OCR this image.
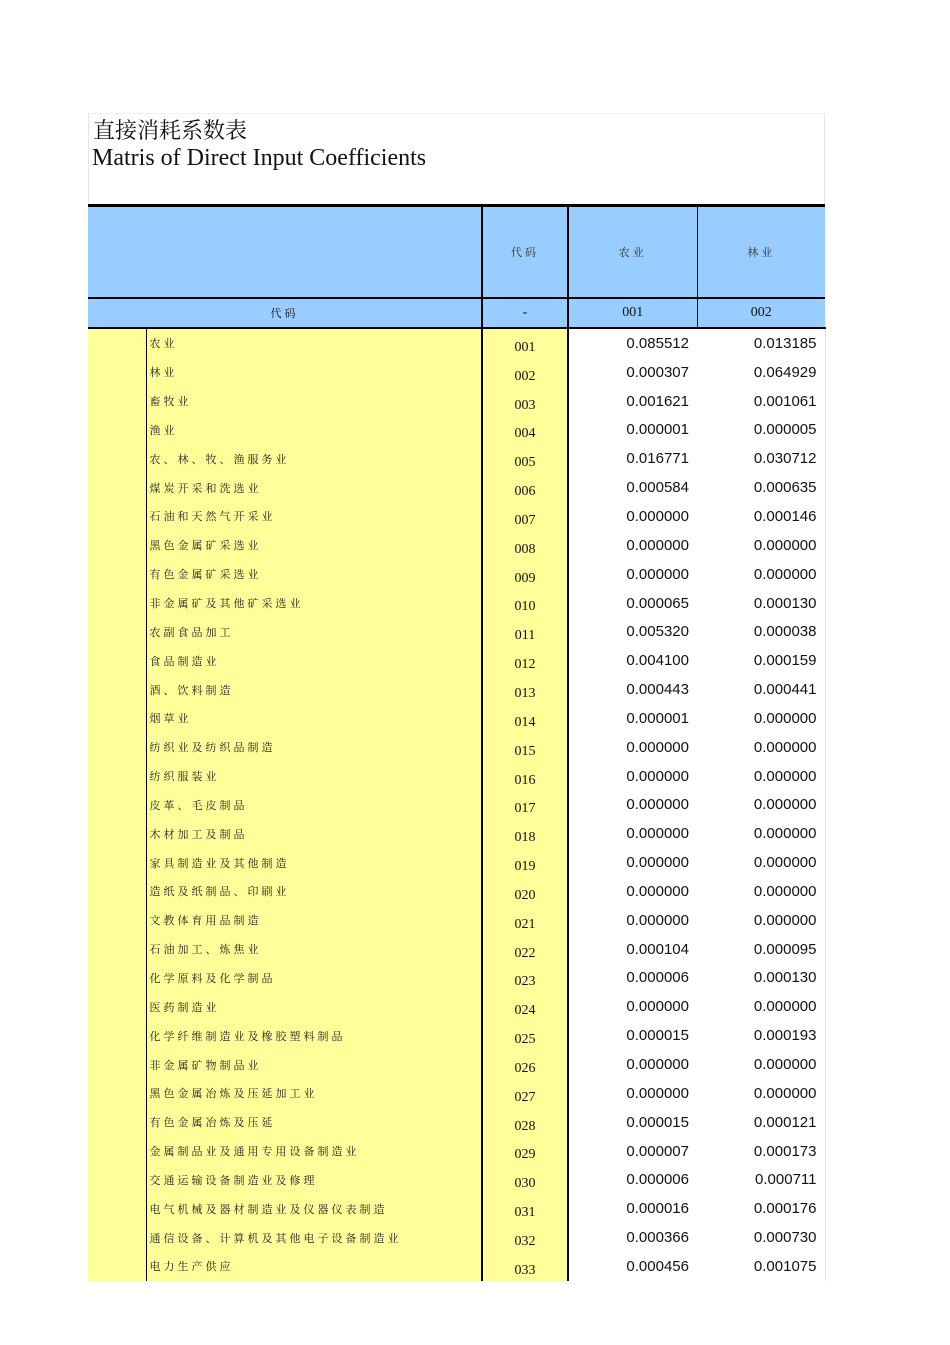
直接消耗系数表
Matris of Direct Input Coefficients
		代码	农业	林业
代码		-	001	002
	农业	001	0.085512	0.013185
	林业	002	0.000307	0.064929
	畜牧业	003	0.001621	0.001061
	渔业	004	0.000001	0.000005
	农、林、牧、渔服务业	005	0.016771	0.030712
	煤炭开采和洗选业	006	0.000584	0.000635
	石油和天然气开采业	007	0.000000	0.000146
	黑色金属矿采选业	008	0.000000	0.000000
	有色金属矿采选业	009	0.000000	0.000000
	非金属矿及其他矿采选业	010	0.000065	0.000130
	农副食品加工	011	0.005320	0.000038
	食品制造业	012	0.004100	0.000159
	酒、饮料制造	013	0.000443	0.000441
	烟草业	014	0.000001	0.000000
	纺织业及纺织品制造	015	0.000000	0.000000
	纺织服装业	016	0.000000	0.000000
	皮革、毛皮制品	017	0.000000	0.000000
	木材加工及制品	018	0.000000	0.000000
	家具制造业及其他制造	019	0.000000	0.000000
	造纸及纸制品、印刷业	020	0.000000	0.000000
	文教体育用品制造	021	0.000000	0.000000
	石油加工、炼焦业	022	0.000104	0.000095
	化学原料及化学制品	023	0.000006	0.000130
	医药制造业	024	0.000000	0.000000
	化学纤维制造业及橡胶塑料制品	025	0.000015	0.000193
	非金属矿物制品业	026	0.000000	0.000000
	黑色金属冶炼及压延加工业	027	0.000000	0.000000
	有色金属冶炼及压延	028	0.000015	0.000121
	金属制品业及通用专用设备制造业	029	0.000007	0.000173
	交通运输设备制造业及修理	030	0.000006	0.000711
	电气机械及器材制造业及仪器仪表制造	031	0.000016	0.000176
	通信设备、计算机及其他电子设备制造业	032	0.000366	0.000730
	电力生产供应	033	0.000456	0.001075
